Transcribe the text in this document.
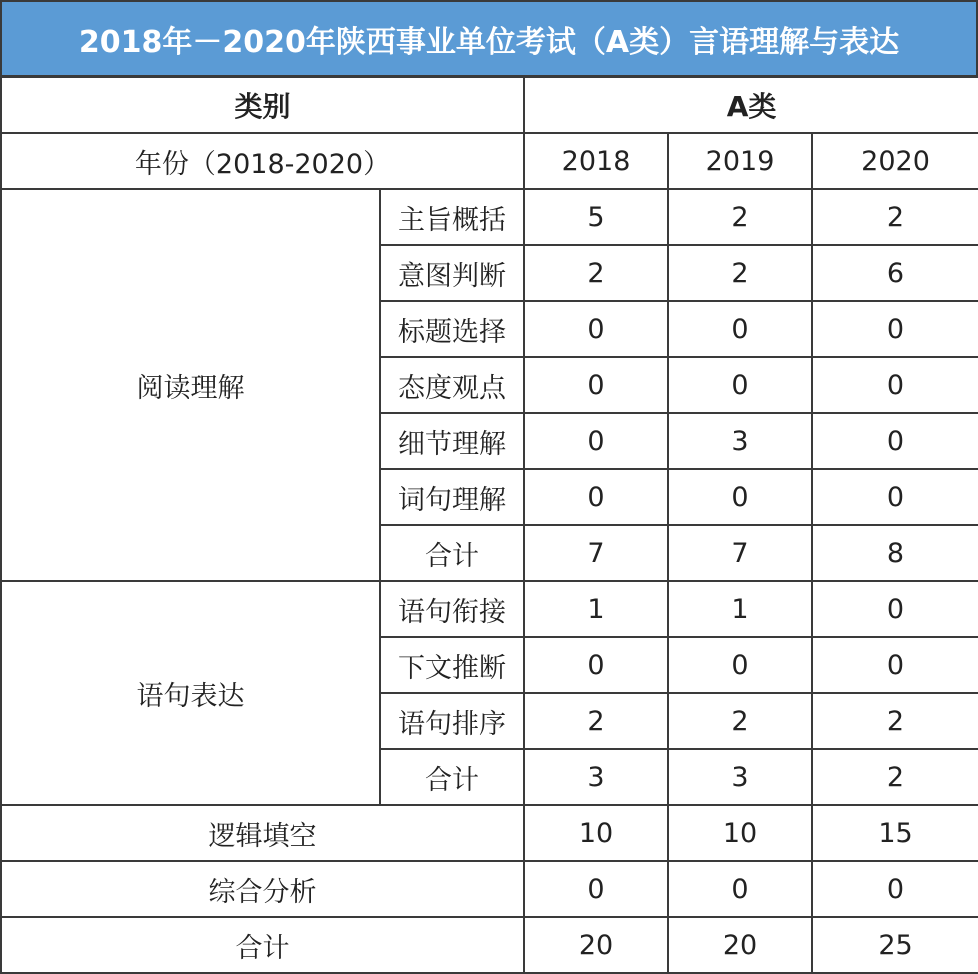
2018年－2020年陕西事业单位考试（A类）言语理解与表达
类别		A类		
年份（2018-2020）		2018	2019	2020
阅读理解	主旨概括	5	2	2
	意图判断	2	2	6
	标题选择	0	0	0
	态度观点	0	0	0
	细节理解	0	3	0
	词句理解	0	0	0
	合计	7	7	8
语句表达	语句衔接	1	1	0
	下文推断	0	0	0
	语句排序	2	2	2
	合计	3	3	2
逻辑填空		10	10	15
综合分析		0	0	0
合计		20	20	25
